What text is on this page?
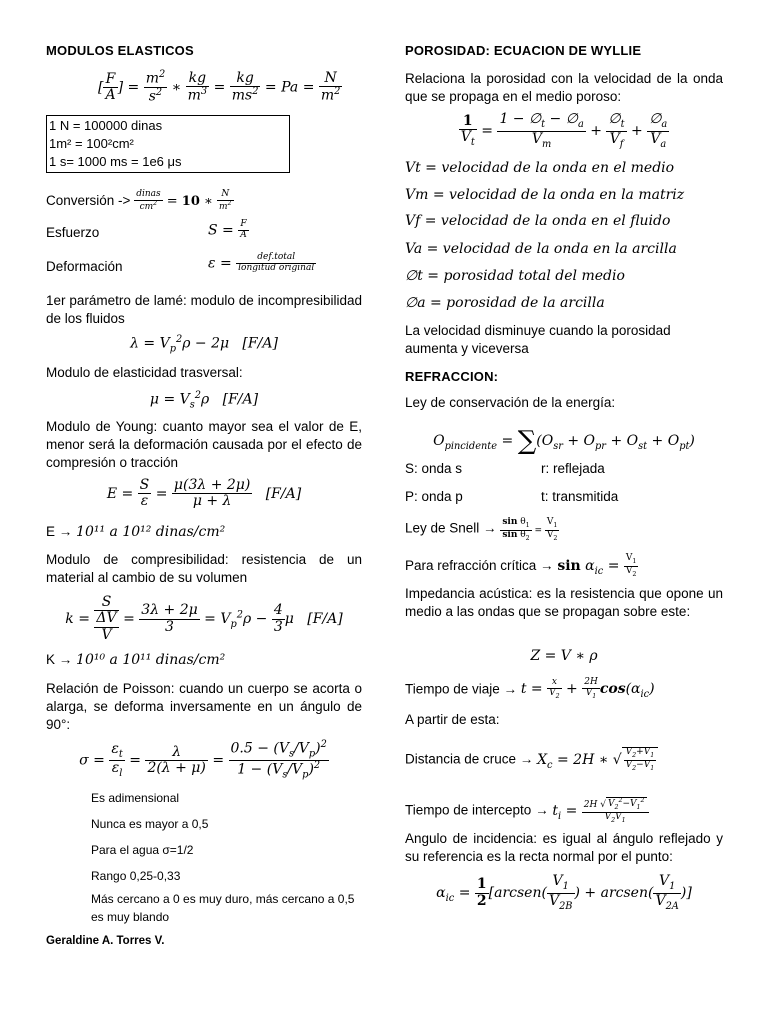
MODULOS ELASTICOS
[ $\frac{F}{A}$ ] = $\frac{m^2}{s^2}$ ∗ $\frac{kg}{m^3} = \frac{kg}{ms^2} = Pa = \frac{N}{m^2}$
1 N = 100000 dinas
1m² = 100²cm²
1 s= 1000 ms = 1e6 μs
Conversión -> $\frac{\text{dinas}}{cm^2} = 10$ ∗ $\frac{N}{m^2}$
Esfuerzo	$S = \frac{F}{A}$
Deformación	$\varepsilon = \frac{\text{def.total}}{\text{longitud original}}$
1er parámetro de lamé: modulo de incompresibilidad de los fluidos
$\lambda = V_p^2\rho - 2\mu$   [F/A]
Modulo de elasticidad trasversal:
$\mu = V_s^2\rho$   [F/A]
Modulo de Young: cuanto mayor sea el valor de E, menor será la deformación causada por el efecto de compresión o tracción
$E = \frac{S}{\varepsilon} = \frac{\mu(3\lambda + 2\mu)}{\mu + \lambda} [F/A]$
E → 10¹¹ a 10¹² dinas/cm²
Modulo de compresibilidad: resistencia de un material al cambio de su volumen
k =
S
ΔV
V
= $\frac{3\lambda + 2\mu}{3} = V_p^2\rho - \frac{4}{3}$ μ   [F/A]
K → 10¹⁰ a 10¹¹ dinas/cm²
Relación de Poisson: cuando un cuerpo se acorta o alarga, se deforma inversamente en un ángulo de 90°:
$\sigma = \frac{\varepsilon_t}{\varepsilon_l} = \frac{\lambda}{2(\lambda + \mu)} = \frac{0.5 - (V_s/V_p)^2}{1 - (V_s/V_p)^2}$
Es adimensional
Nunca es mayor a 0,5
Para el agua σ=1/2
Rango 0,25-0,33
Más cercano a 0 es muy duro, más cercano a 0,5 es muy blando
Geraldine A. Torres V.
POROSIDAD: ECUACION DE WYLLIE
Relaciona la porosidad con la velocidad de la onda que se propaga en el medio poroso:
$\frac{1}{V_t} = \frac{1 - \emptyset_t - \emptyset_a}{V_m} + \frac{\emptyset_t}{V_f} + \frac{\emptyset_a}{V_a}$
Vt = velocidad de la onda en el medio
Vm = velocidad de la onda en la matriz
Vf = velocidad de la onda en el fluido
Va = velocidad de la onda en la arcilla
∅t = porosidad total del medio
∅a = porosidad de la arcilla
La velocidad disminuye cuando la porosidad aumenta y viceversa
REFRACCION:
Ley de conservación de la energía:
$O_{pincidente} = \sum(O_{sr} + O_{pr} + O_{st} + O_{pt})$
S: onda s	r: reflejada
P: onda p	t: transmitida
Ley de Snell → $\frac{\sin \theta_1}{\sin \theta_2} = \frac{V_1}{V_2}$
Para refracción crítica → $\sin \alpha_{ic} = \frac{V_1}{V_2}$
Impedancia acústica: es la resistencia que opone un medio a las ondas que se propagan sobre este:
Z = V ∗ ρ
Tiempo de viaje → $t = \frac{x}{V_2} + \frac{2H}{V_1} \cos(\alpha_{ic})$
A partir de esta:
Distancia de cruce → $X_c = 2H$ ∗ √ $\frac{V_2+V_1}{V_2-V_1}$
Tiempo de intercepto → $t_i = \frac{2H √ V_2^2-V_1^2}{V_2V_1}$
Angulo de incidencia: es igual al ángulo reflejado y su referencia es la recta normal por el punto:
$\alpha_{ic} = \frac{1}{2}$ [arcsen( $\frac{V_1}{V_{2B}}$ ) + arcsen( $\frac{V_1}{V_{2A}}$ )]
